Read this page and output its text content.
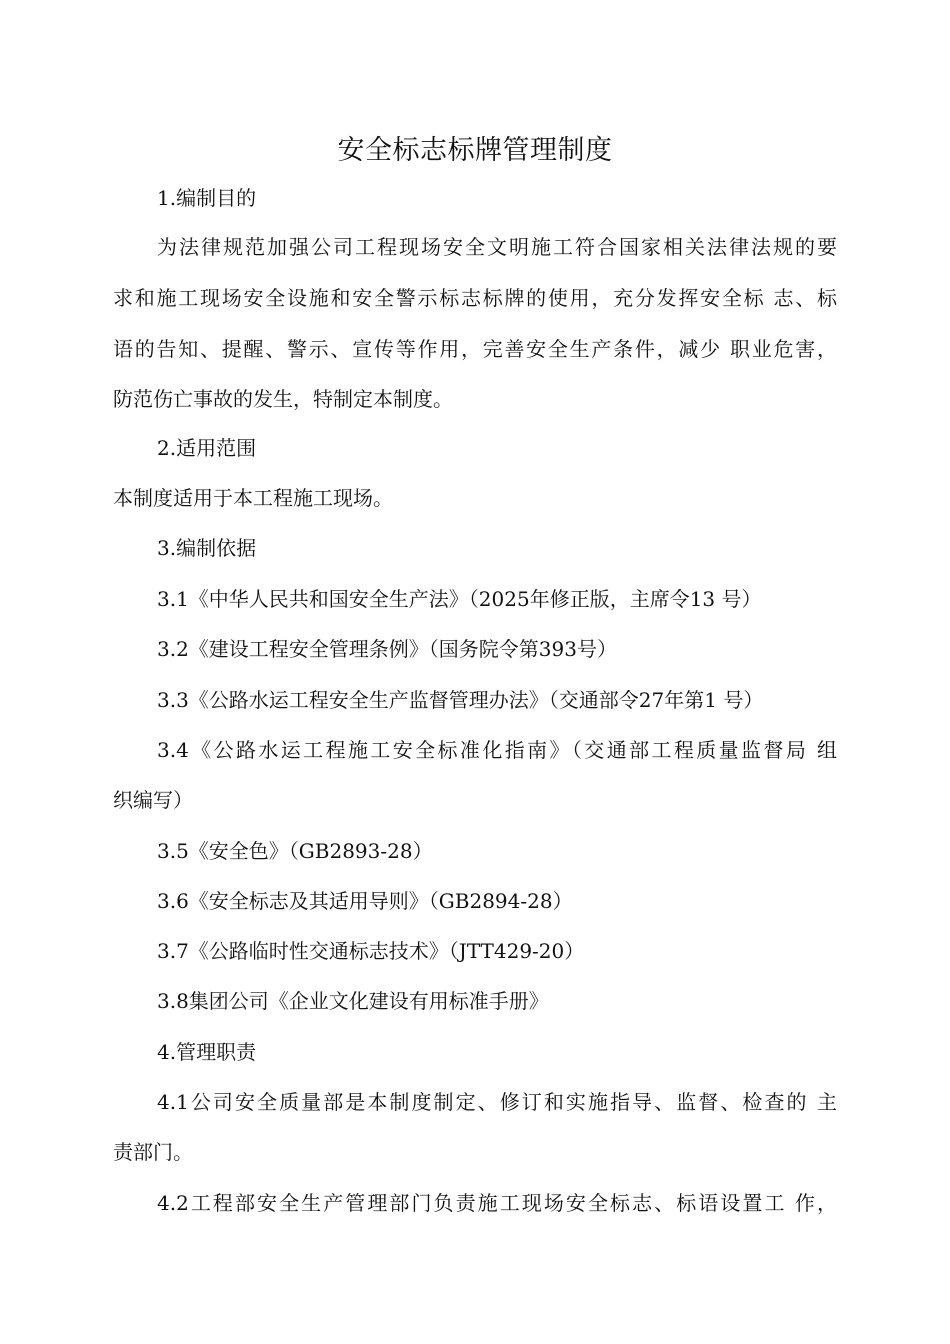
安全标志标牌管理制度

1.编制目的

为法律规范加强公司工程现场安全文明施工符合国家相关法律法规的要

求和施工现场安全设施和安全警示标志标牌的使用，充分发挥安全标 志、标

语的告知、提醒、警示、宣传等作用，完善安全生产条件，减少 职业危害，

防范伤亡事故的发生，特制定本制度。

2.适用范围

本制度适用于本工程施工现场。

3.编制依据

3.1《中华人民共和国安全生产法》（2025年修正版，主席令13 号）

3.2《建设工程安全管理条例》（国务院令第393号）

3.3《公路水运工程安全生产监督管理办法》（交通部令27年第1 号）

3.4《公路水运工程施工安全标准化指南》（交通部工程质量监督局 组

织编写）

3.5《安全色》（GB2893-28）

3.6《安全标志及其适用导则》（GB2894-28）

3.7《公路临时性交通标志技术》（JTT429-20）

3.8集团公司《企业文化建设有用标准手册》

4.管理职责

4.1公司安全质量部是本制度制定、修订和实施指导、监督、检查的 主

责部门。

4.2工程部安全生产管理部门负责施工现场安全标志、标语设置工 作，
